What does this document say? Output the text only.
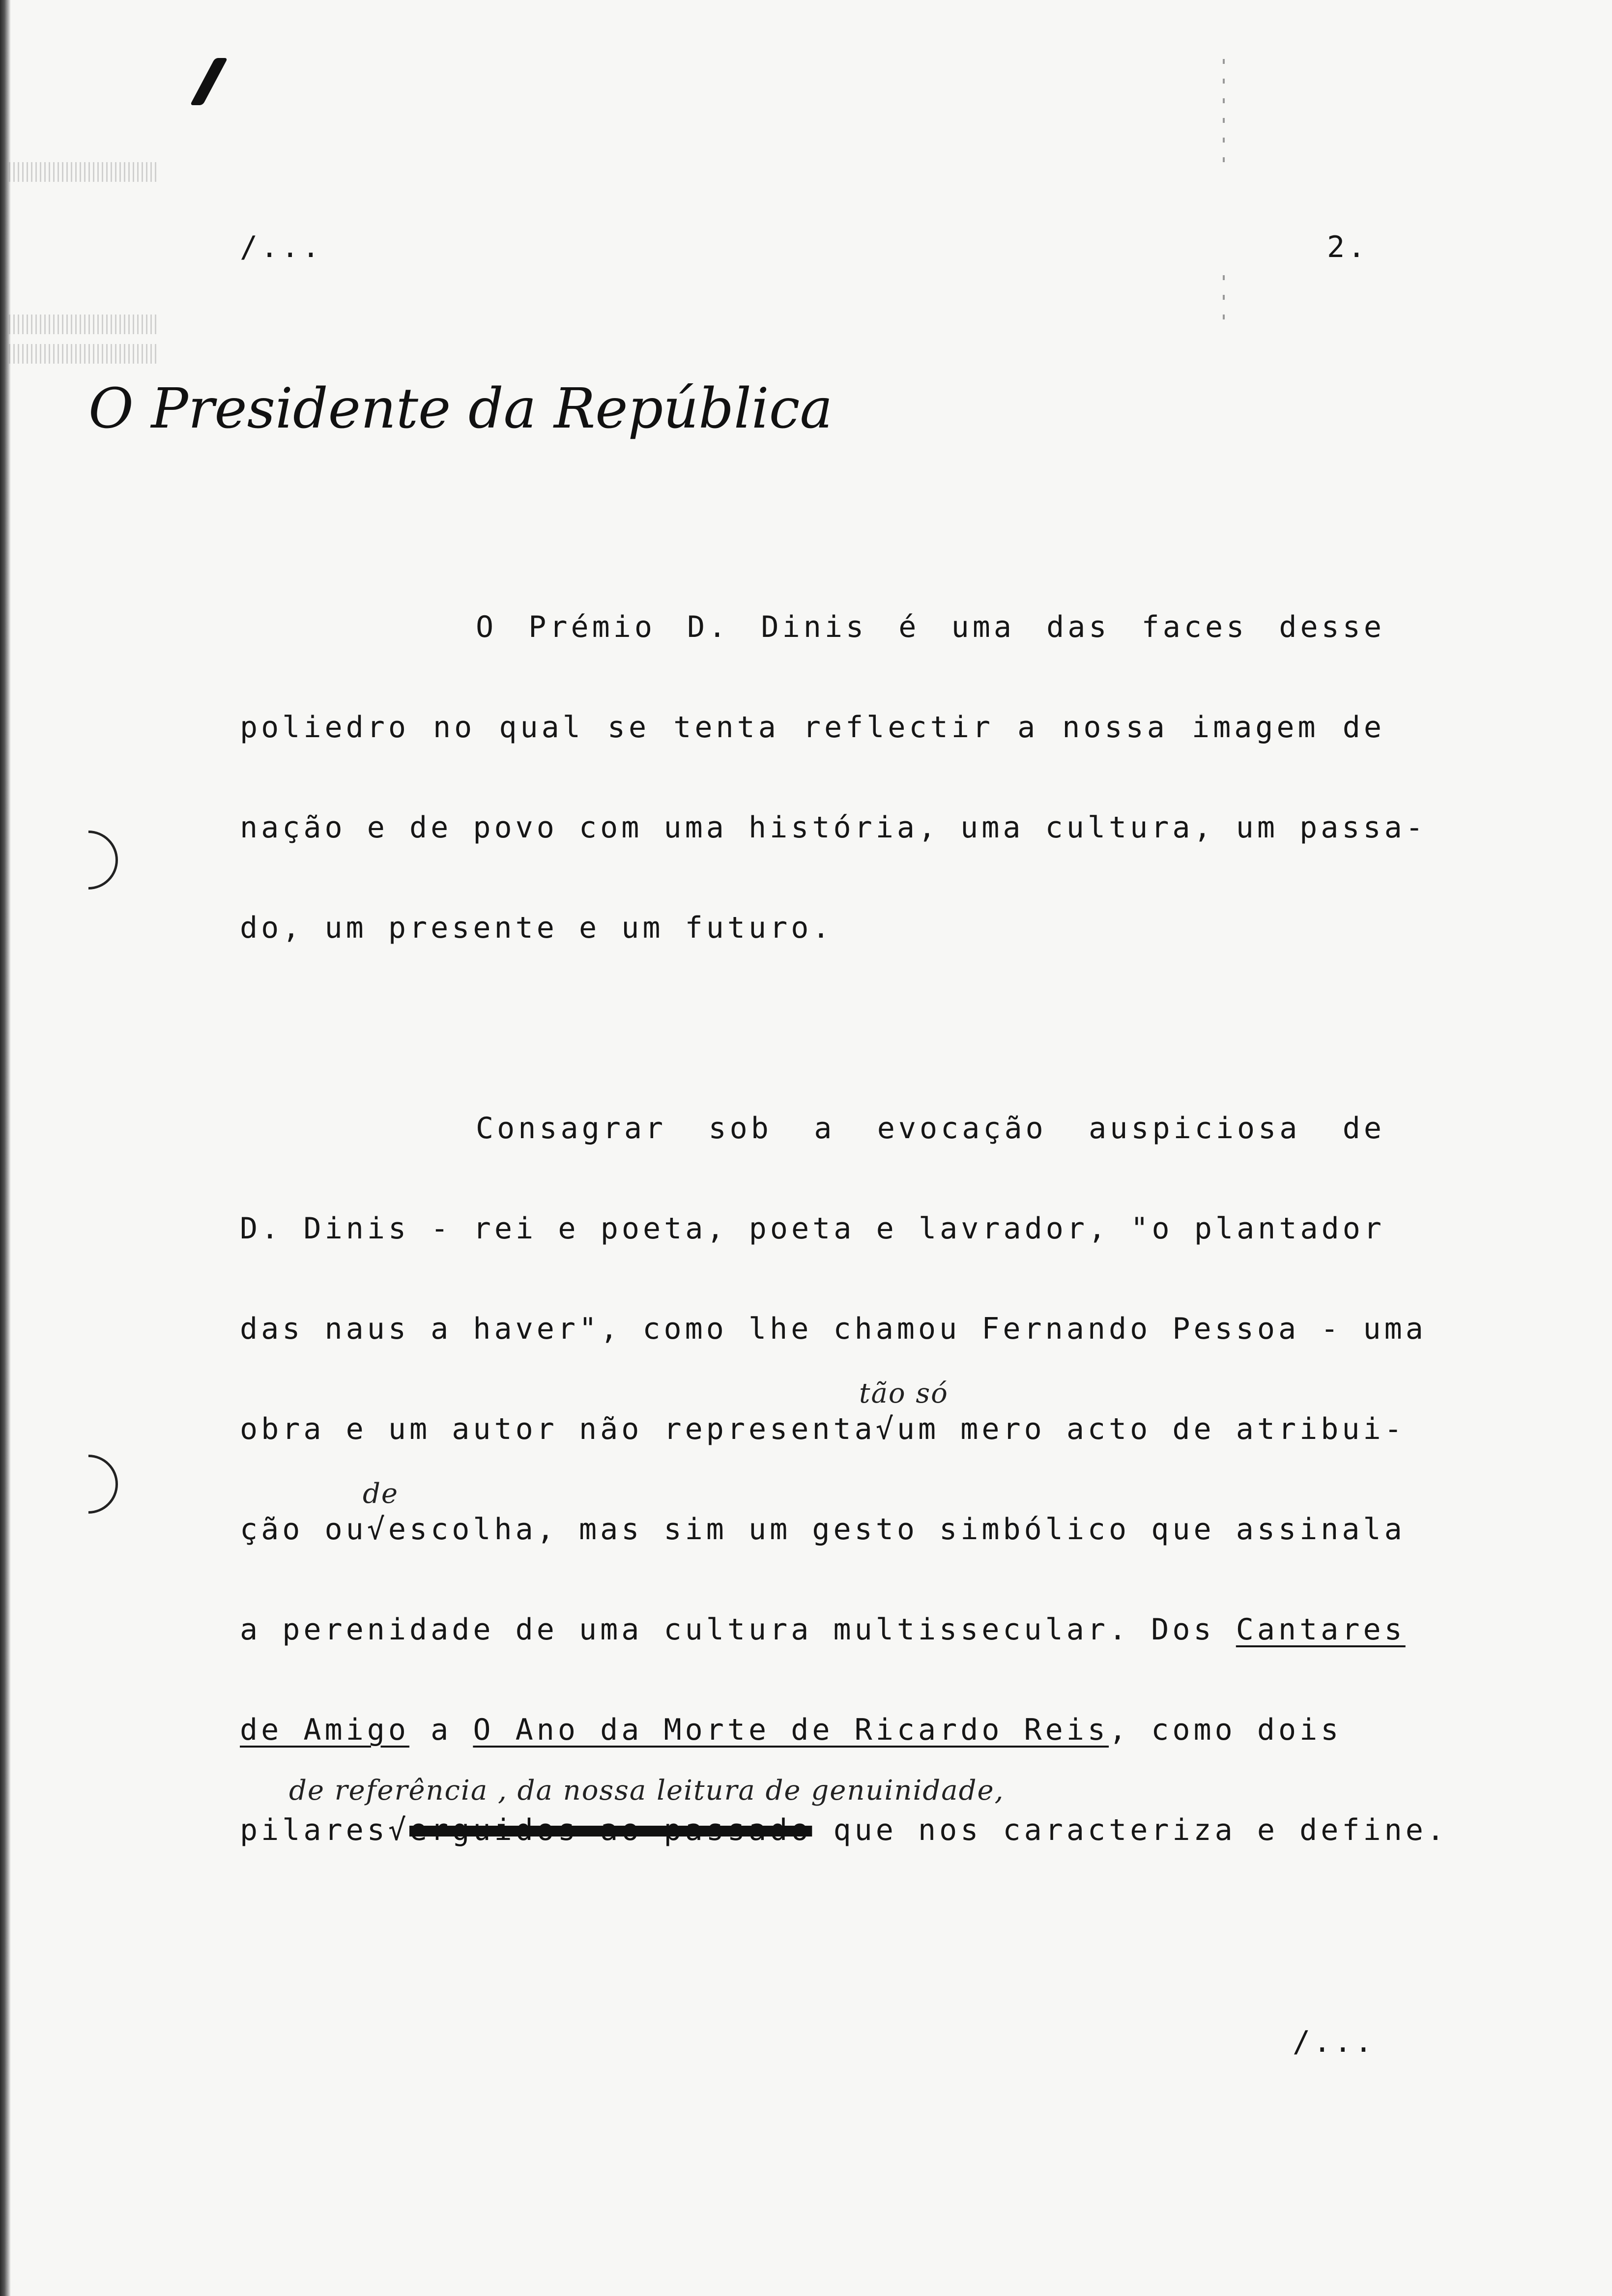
/...	2.
O Presidente da República
O Prémio D. Dinis é uma das faces desse
poliedro no qual se tenta reflectir a nossa imagem de
nação e de povo com uma história, uma cultura, um passa-
do, um presente e um futuro.
Consagrar sob a evocação auspiciosa de
D. Dinis - rei e poeta, poeta e lavrador, "o plantador
das naus a haver", como lhe chamou Fernando Pessoa - uma
tão só
obra e um autor não representa√um mero acto de atribui-
de
ção ou√escolha, mas sim um gesto simbólico que assinala
a perenidade de uma cultura multissecular. Dos Cantares
de Amigo a O Ano da Morte de Ricardo Reis, como dois
de referência , da nossa leitura de genuinidade,
pilares√erguidos ao passado que nos caracteriza e define.
/...
